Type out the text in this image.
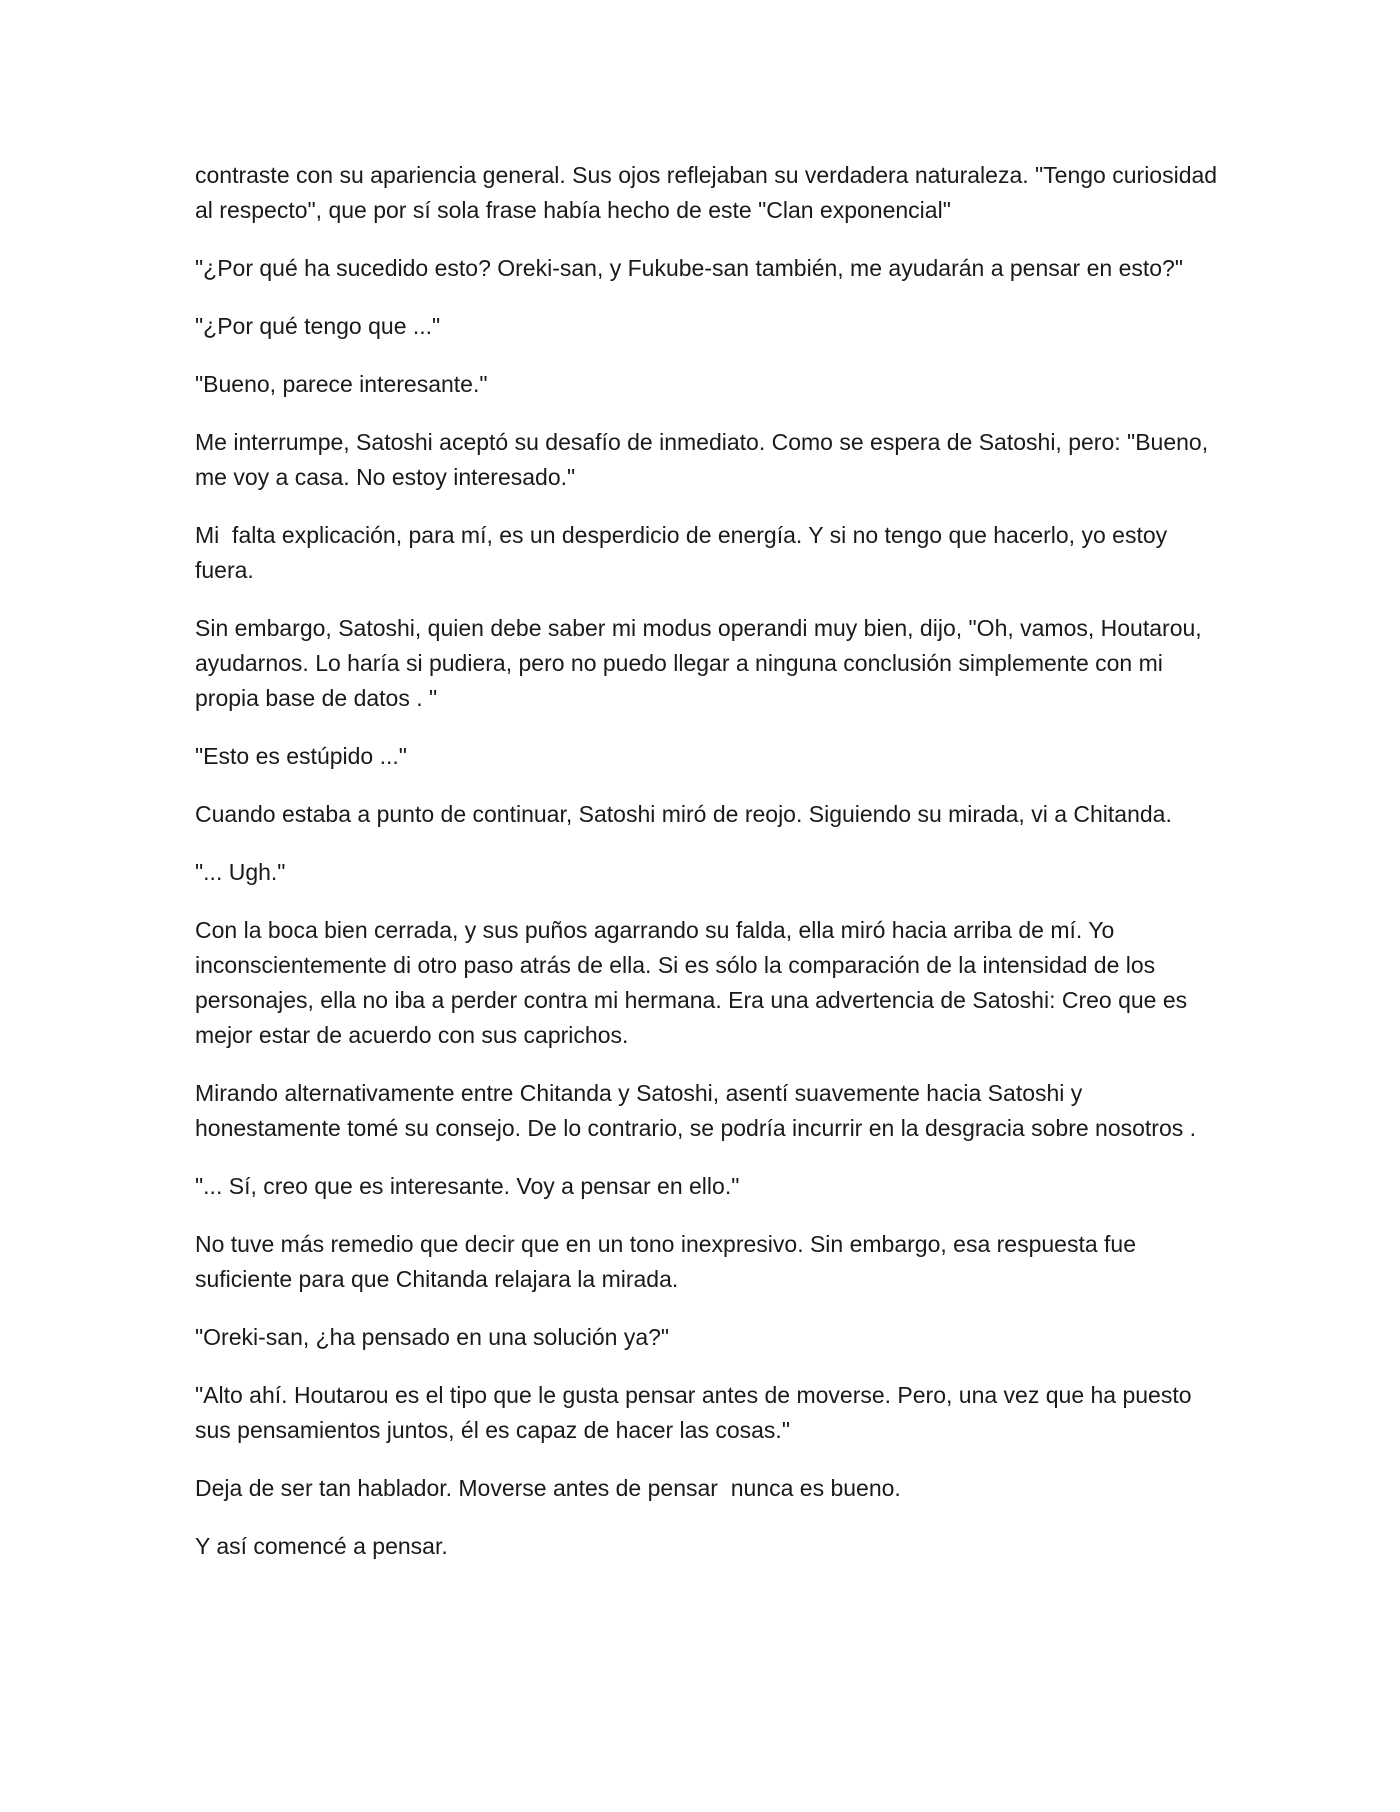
contraste con su apariencia general. Sus ojos reflejaban su verdadera naturaleza. "Tengo curiosidad al respecto", que por sí sola frase había hecho de este "Clan exponencial"

"¿Por qué ha sucedido esto? Oreki-san, y Fukube-san también, me ayudarán a pensar en esto?"

"¿Por qué tengo que ..."

"Bueno, parece interesante."

Me interrumpe, Satoshi aceptó su desafío de inmediato. Como se espera de Satoshi, pero: "Bueno, me voy a casa. No estoy interesado."

Mi  falta explicación, para mí, es un desperdicio de energía. Y si no tengo que hacerlo, yo estoy fuera.

Sin embargo, Satoshi, quien debe saber mi modus operandi muy bien, dijo, "Oh, vamos, Houtarou, ayudarnos. Lo haría si pudiera, pero no puedo llegar a ninguna conclusión simplemente con mi propia base de datos . "

"Esto es estúpido ..."

Cuando estaba a punto de continuar, Satoshi miró de reojo. Siguiendo su mirada, vi a Chitanda.

"... Ugh."

Con la boca bien cerrada, y sus puños agarrando su falda, ella miró hacia arriba de mí. Yo inconscientemente di otro paso atrás de ella. Si es sólo la comparación de la intensidad de los personajes, ella no iba a perder contra mi hermana. Era una advertencia de Satoshi: Creo que es mejor estar de acuerdo con sus caprichos.

Mirando alternativamente entre Chitanda y Satoshi, asentí suavemente hacia Satoshi y honestamente tomé su consejo. De lo contrario, se podría incurrir en la desgracia sobre nosotros .

"... Sí, creo que es interesante. Voy a pensar en ello."

No tuve más remedio que decir que en un tono inexpresivo. Sin embargo, esa respuesta fue suficiente para que Chitanda relajara la mirada.

"Oreki-san, ¿ha pensado en una solución ya?"

"Alto ahí. Houtarou es el tipo que le gusta pensar antes de moverse. Pero, una vez que ha puesto sus pensamientos juntos, él es capaz de hacer las cosas."

Deja de ser tan hablador. Moverse antes de pensar  nunca es bueno.

Y así comencé a pensar.
